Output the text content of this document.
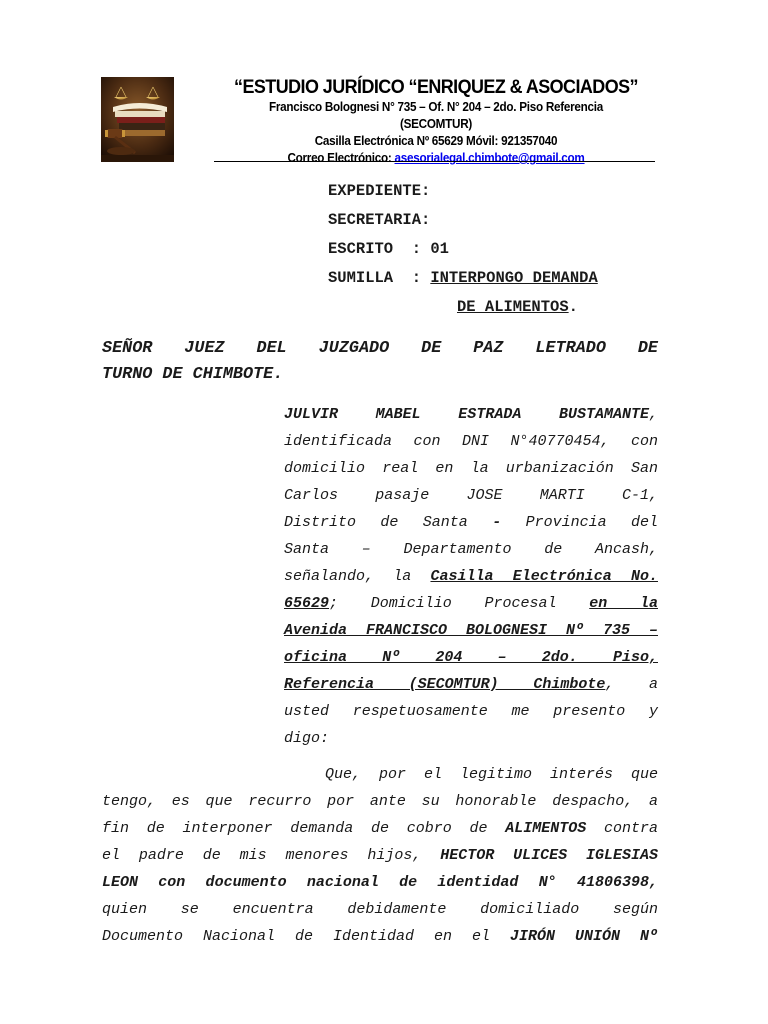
“ESTUDIO JURÍDICO “ENRIQUEZ & ASOCIADOS”
Francisco Bolognesi N° 735 – Of. N° 204 – 2do. Piso Referencia (SECOMTUR)
Casilla Electrónica Nº 65629 Móvil: 921357040
Correo Electrónico: asesorialegal.chimbote@gmail.com
EXPEDIENTE:
SECRETARIA:
ESCRITO  : 01
SUMILLA  : INTERPONGO DEMANDA
DE ALIMENTOS.
SEÑOR JUEZ DEL JUZGADO DE PAZ LETRADO DE
TURNO DE CHIMBOTE.
JULVIR MABEL ESTRADA BUSTAMANTE,
identificada con DNI N°40770454, con
domicilio real en la urbanización San
Carlos pasaje JOSE MARTI C-1,
Distrito de Santa - Provincia del
Santa – Departamento de Ancash,
señalando, la Casilla Electrónica No.
65629; Domicilio Procesal en la
Avenida FRANCISCO BOLOGNESI Nº 735 –
oficina Nº 204 – 2do. Piso,
Referencia (SECOMTUR) Chimbote, a
usted respetuosamente me presento y
digo:
Que, por el legitimo interés que
tengo, es que recurro por ante su honorable despacho, a
fin de interponer demanda de cobro de ALIMENTOS contra
el padre de mis menores hijos, HECTOR ULICES IGLESIAS
LEON con documento nacional de identidad N° 41806398,
quien se encuentra debidamente domiciliado según
Documento Nacional de Identidad en el JIRÓN UNIÓN Nº
